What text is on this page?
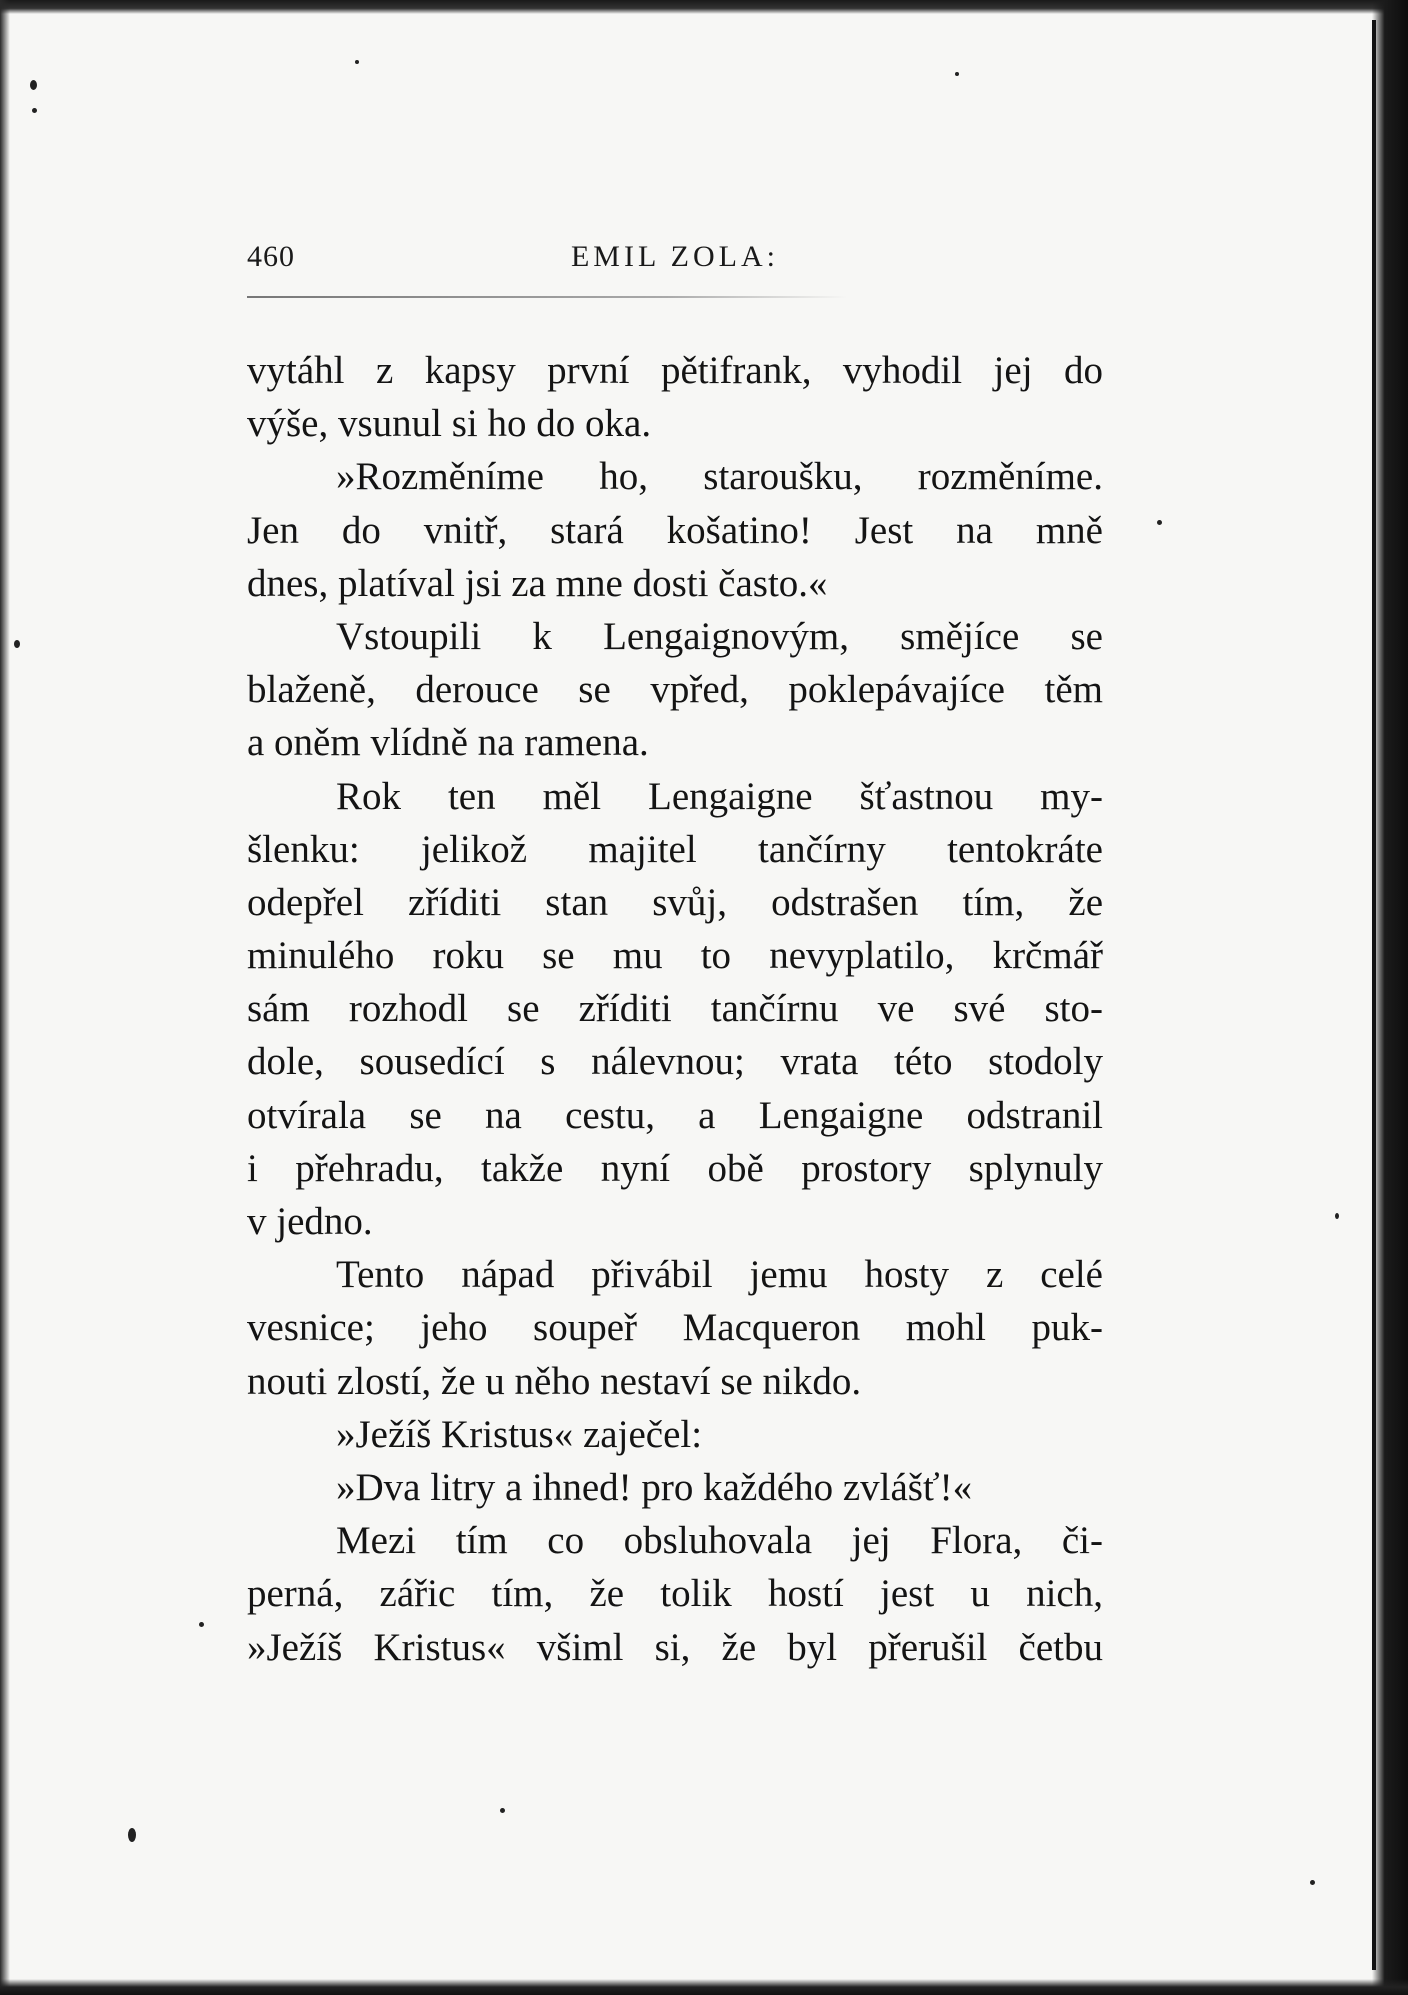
460	EMIL ZOLA:
vytáhl z kapsy první pětifrank, vyhodil jej do
výše, vsunul si ho do oka.
»Rozměníme ho, staroušku, rozměníme.
Jen do vnitř, stará košatino! Jest na mně
dnes, platíval jsi za mne dosti často.«
Vstoupili k Lengaignovým, smějíce se
blaženě, derouce se vpřed, poklepávajíce těm
a oněm vlídně na ramena.
Rok ten měl Lengaigne šťastnou my-
šlenku: jelikož majitel tančírny tentokráte
odepřel zříditi stan svůj, odstrašen tím, že
minulého roku se mu to nevyplatilo, krčmář
sám rozhodl se zříditi tančírnu ve své sto-
dole, sousedící s nálevnou; vrata této stodoly
otvírala se na cestu, a Lengaigne odstranil
i přehradu, takže nyní obě prostory splynuly
v jedno.
Tento nápad přivábil jemu hosty z celé
vesnice; jeho soupeř Macqueron mohl puk-
nouti zlostí, že u něho nestaví se nikdo.
»Ježíš Kristus« zaječel:
»Dva litry a ihned! pro každého zvlášť!«
Mezi tím co obsluhovala jej Flora, či-
perná, zářic tím, že tolik hostí jest u nich,
»Ježíš Kristus« všiml si, že byl přerušil četbu
